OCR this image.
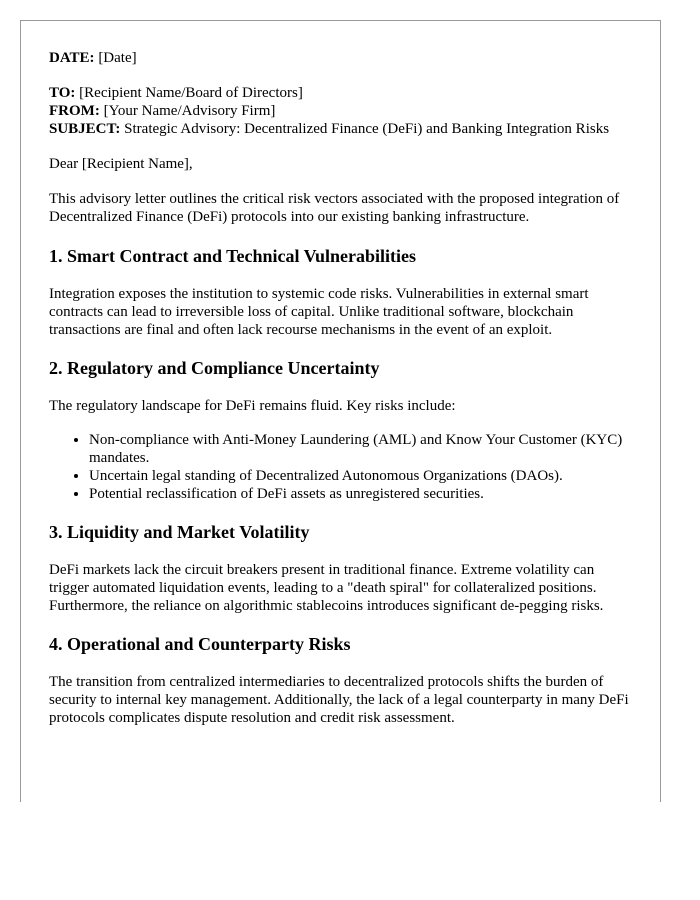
DATE: [Date]

TO: [Recipient Name/Board of Directors]

FROM: [Your Name/Advisory Firm]

SUBJECT: Strategic Advisory: Decentralized Finance (DeFi) and Banking Integration Risks

Dear [Recipient Name],

This advisory letter outlines the critical risk vectors associated with the proposed integration of Decentralized Finance (DeFi) protocols into our existing banking infrastructure.

1. Smart Contract and Technical Vulnerabilities

Integration exposes the institution to systemic code risks. Vulnerabilities in external smart contracts can lead to irreversible loss of capital. Unlike traditional software, blockchain transactions are final and often lack recourse mechanisms in the event of an exploit.

2. Regulatory and Compliance Uncertainty

The regulatory landscape for DeFi remains fluid. Key risks include:

• Non-compliance with Anti-Money Laundering (AML) and Know Your Customer (KYC) mandates.
• Uncertain legal standing of Decentralized Autonomous Organizations (DAOs).
• Potential reclassification of DeFi assets as unregistered securities.
3. Liquidity and Market Volatility

DeFi markets lack the circuit breakers present in traditional finance. Extreme volatility can trigger automated liquidation events, leading to a "death spiral" for collateralized positions. Furthermore, the reliance on algorithmic stablecoins introduces significant de-pegging risks.

4. Operational and Counterparty Risks

The transition from centralized intermediaries to decentralized protocols shifts the burden of security to internal key management. Additionally, the lack of a legal counterparty in many DeFi protocols complicates dispute resolution and credit risk assessment.
